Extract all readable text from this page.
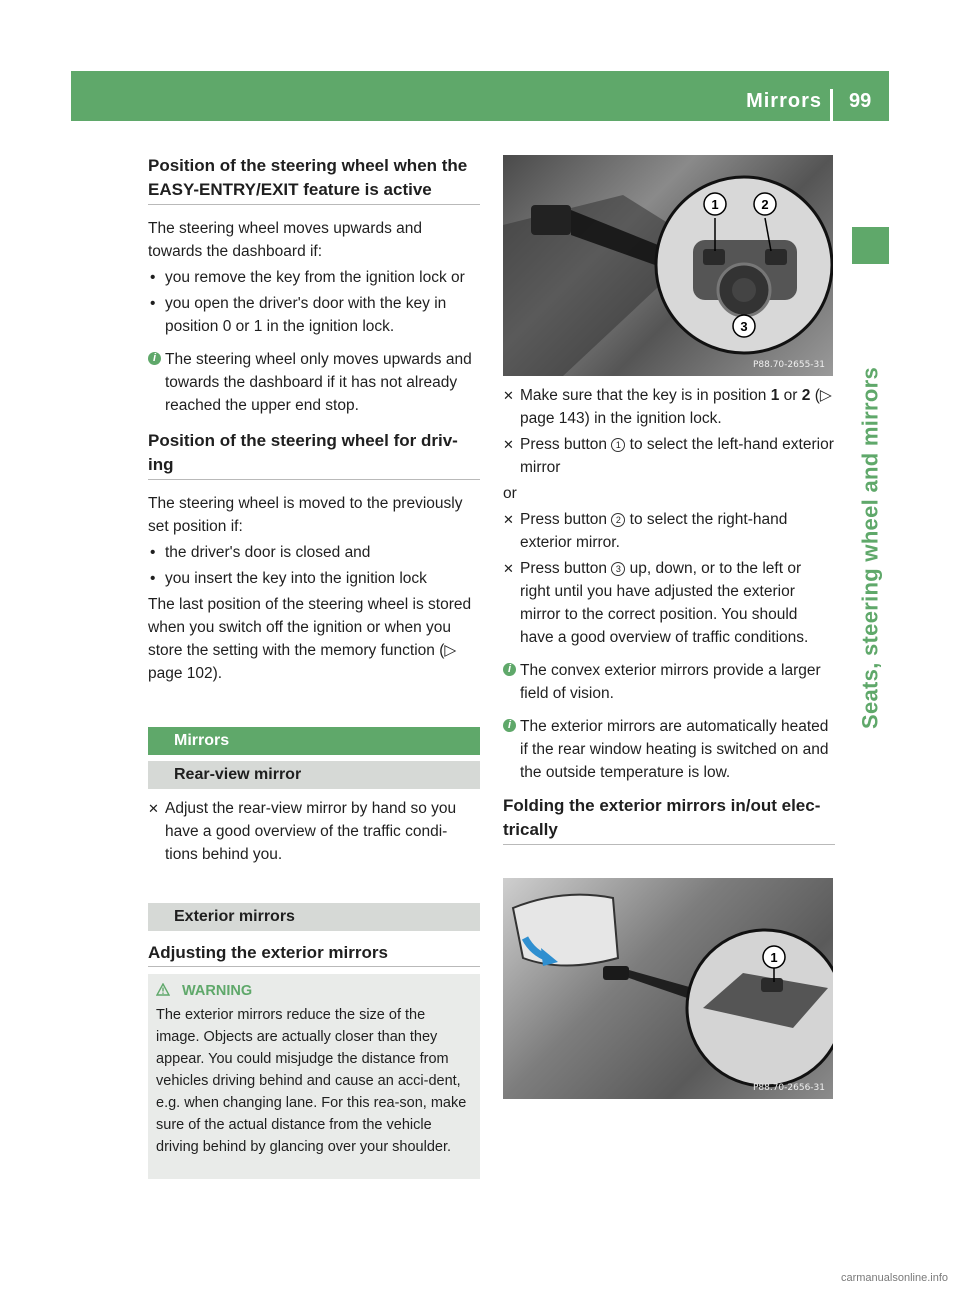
Mirrors 99
Seats, steering wheel and mirrors
Position of the steering wheel when the EASY-ENTRY/EXIT feature is active

The steering wheel moves upwards and towards the dashboard if:

• you remove the key from the ignition lock or
• you open the driver's door with the key in position 0 or 1 in the ignition lock.
i The steering wheel only moves upwards and towards the dashboard if it has not already reached the upper end stop.
Position of the steering wheel for driv-ing

The steering wheel is moved to the previously set position if:

• the driver's door is closed and
• you insert the key into the ignition lock

The last position of the steering wheel is stored when you switch off the ignition or when you store the setting with the memory function (▷ page 102).

Mirrors
Rear-view mirror
✕ Adjust the rear-view mirror by hand so you have a good overview of the traffic condi-tions behind you.
Exterior mirrors
Adjusting the exterior mirrors
WARNING
The exterior mirrors reduce the size of the image. Objects are actually closer than they appear. You could misjudge the distance from vehicles driving behind and cause an acci-dent, e.g. when changing lane. For this rea-son, make sure of the actual distance from the vehicle driving behind by glancing over your shoulder.
1	2
3
P88.70-2655-31
✕ Make sure that the key is in position 1 or 2 (▷ page 143) in the ignition lock.
✕ Press button 1 to select the left-hand exterior mirror

or

✕ Press button 2 to select the right-hand exterior mirror.
✕ Press button 3 up, down, or to the left or right until you have adjusted the exterior mirror to the correct position. You should have a good overview of traffic conditions.
i The convex exterior mirrors provide a larger field of vision.
i The exterior mirrors are automatically heated if the rear window heating is switched on and the outside temperature is low.
Folding the exterior mirrors in/out elec-trically
1
P88.70-2656-31
carmanualsonline.info
